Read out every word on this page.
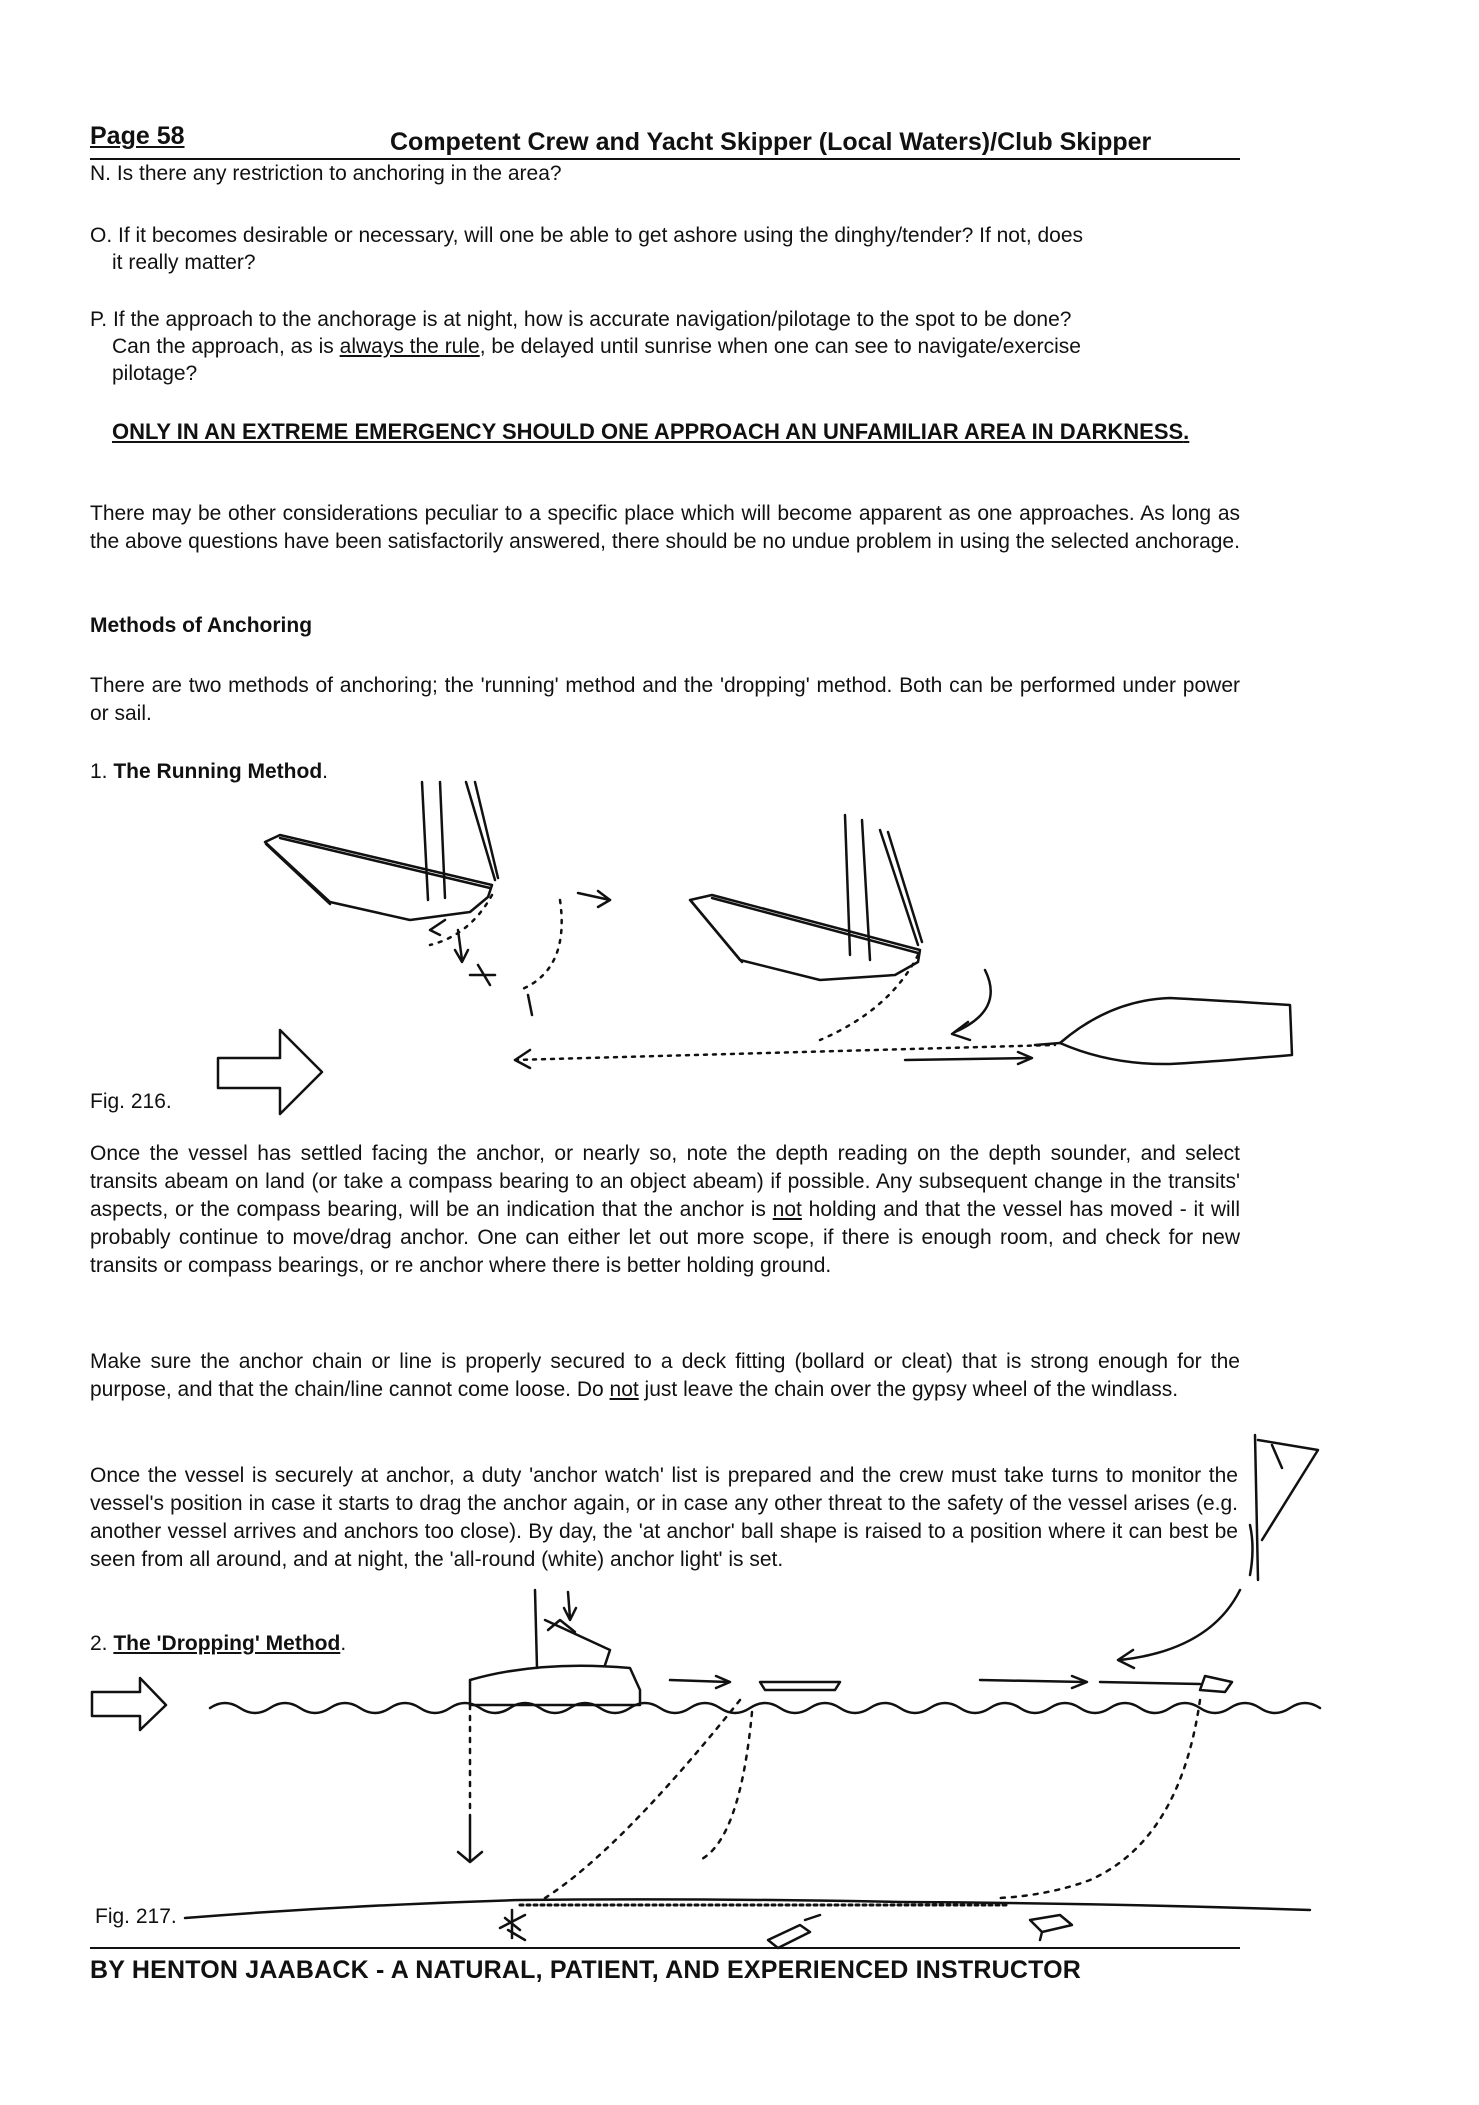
Page 58	Competent Crew and Yacht Skipper (Local Waters)/Club Skipper
N. Is there any restriction to anchoring in the area?
O. If it becomes desirable or necessary, will one be able to get ashore using the dinghy/tender? If not, does
it really matter?
P. If the approach to the anchorage is at night, how is accurate navigation/pilotage to the spot to be done?
Can the approach, as is always the rule, be delayed until sunrise when one can see to navigate/exercise
pilotage?
ONLY IN AN EXTREME EMERGENCY SHOULD ONE APPROACH AN UNFAMILIAR AREA IN DARKNESS.
There may be other considerations peculiar to a specific place which will become apparent as one approaches. As long as the above questions have been satisfactorily answered, there should be no undue problem in using the selected anchorage.
Methods of Anchoring
There are two methods of anchoring; the 'running' method and the 'dropping' method. Both can be performed under power or sail.
1. The Running Method.
Fig. 216.
Once the vessel has settled facing the anchor, or nearly so, note the depth reading on the depth sounder, and select transits abeam on land (or take a compass bearing to an object abeam) if possible. Any subsequent change in the transits' aspects, or the compass bearing, will be an indication that the anchor is not holding and that the vessel has moved - it will probably continue to move/drag anchor. One can either let out more scope, if there is enough room, and check for new transits or compass bearings, or re anchor where there is better holding ground.
Make sure the anchor chain or line is properly secured to a deck fitting (bollard or cleat) that is strong enough for the purpose, and that the chain/line cannot come loose. Do not just leave the chain over the gypsy wheel of the windlass.
Once the vessel is securely at anchor, a duty 'anchor watch' list is prepared and the crew must take turns to monitor the vessel's position in case it starts to drag the anchor again, or in case any other threat to the safety of the vessel arises (e.g. another vessel arrives and anchors too close). By day, the 'at anchor' ball shape is raised to a position where it can best be seen from all around, and at night, the 'all-round (white) anchor light' is set.
2. The 'Dropping' Method.
Fig. 217.
BY HENTON JAABACK - A NATURAL, PATIENT, AND EXPERIENCED INSTRUCTOR
